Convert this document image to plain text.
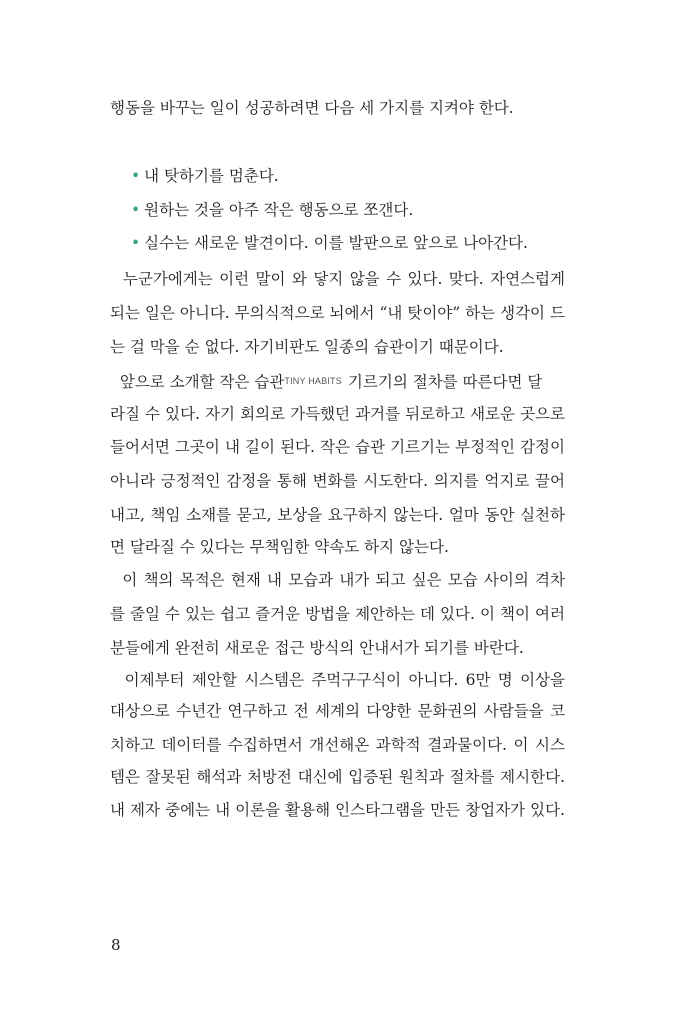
행동을 바꾸는 일이 성공하려면 다음 세 가지를 지켜야 한다.
• 내 탓하기를 멈춘다.
• 원하는 것을 아주 작은 행동으로 쪼갠다.
• 실수는 새로운 발견이다. 이를 발판으로 앞으로 나아간다.
누군가에게는 이런 말이 와 닿지 않을 수 있다. 맞다. 자연스럽게
되는 일은 아니다. 무의식적으로 뇌에서 “내 탓이야” 하는 생각이 드
는 걸 막을 순 없다. 자기비판도 일종의 습관이기 때문이다.
앞으로 소개할 작은 습관TINY HABITS 기르기의 절차를 따른다면 달
라질 수 있다. 자기 회의로 가득했던 과거를 뒤로하고 새로운 곳으로
들어서면 그곳이 내 길이 된다. 작은 습관 기르기는 부정적인 감정이
아니라 긍정적인 감정을 통해 변화를 시도한다. 의지를 억지로 끌어
내고, 책임 소재를 묻고, 보상을 요구하지 않는다. 얼마 동안 실천하
면 달라질 수 있다는 무책임한 약속도 하지 않는다.
이 책의 목적은 현재 내 모습과 내가 되고 싶은 모습 사이의 격차
를 줄일 수 있는 쉽고 즐거운 방법을 제안하는 데 있다. 이 책이 여러
분들에게 완전히 새로운 접근 방식의 안내서가 되기를 바란다.
이제부터 제안할 시스템은 주먹구구식이 아니다. 6만 명 이상을
대상으로 수년간 연구하고 전 세계의 다양한 문화권의 사람들을 코
치하고 데이터를 수집하면서 개선해온 과학적 결과물이다. 이 시스
템은 잘못된 해석과 처방전 대신에 입증된 원칙과 절차를 제시한다.
내 제자 중에는 내 이론을 활용해 인스타그램을 만든 창업자가 있다.
8
